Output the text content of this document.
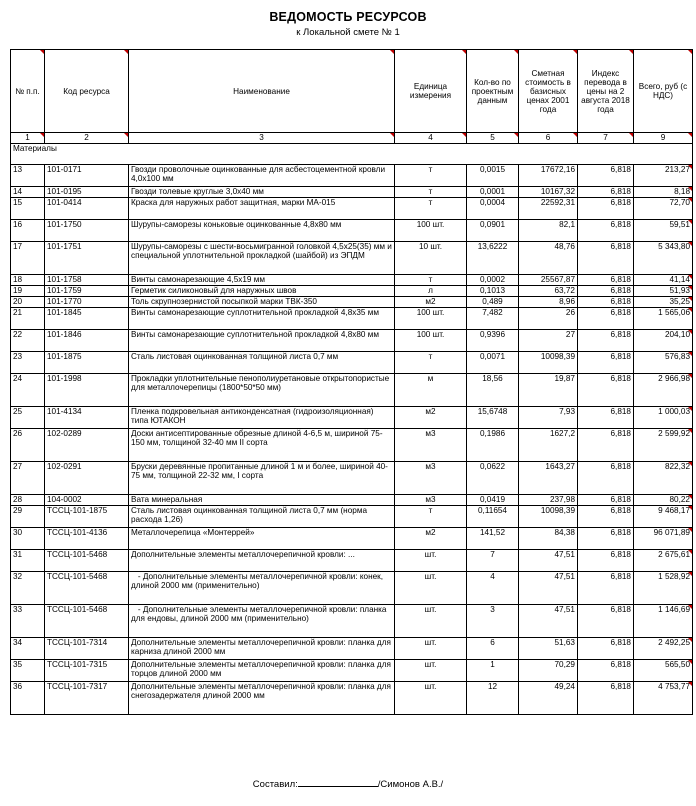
ВЕДОМОСТЬ РЕСУРСОВ
к Локальной смете № 1
№ п.п.	Код ресурса	Наименование	Единица измерения	Кол-во по проектным данным	Сметная стоимость в базисных ценах 2001 года	Индекс перевода в цены на 2 августа 2018 года	Всего, руб (с НДС)
1	2	3	4	5	6	7	9
Материалы							
13	101-0171	Гвозди проволочные оцинкованные для асбестоцементной кровли 4,0х100 мм	т	0,0015	17672,16	6,818	213,27
14	101-0195	Гвозди толевые круглые 3,0х40 мм	т	0,0001	10167,32	6,818	8,18
15	101-0414	Краска для наружных работ защитная, марки МА-015	т	0,0004	22592,31	6,818	72,70
16	101-1750	Шурупы-саморезы коньковые оцинкованные 4,8х80 мм	100 шт.	0,0901	82,1	6,818	59,51
17	101-1751	Шурупы-саморезы с шести-восьмигранной головкой 4,5х25(35) мм и специальной уплотнительной прокладкой (шайбой) из ЭПДМ	10 шт.	13,6222	48,76	6,818	5 343,80
18	101-1758	Винты самонарезающие 4,5х19 мм	т	0,0002	25567,87	6,818	41,14
19	101-1759	Герметик силиконовый для наружных швов	л	0,1013	63,72	6,818	51,93
20	101-1770	Толь скрупнозернистой посыпкой марки ТВК-350	м2	0,489	8,96	6,818	35,25
21	101-1845	Винты самонарезающие суплотнительной прокладкой 4,8х35 мм	100 шт.	7,482	26	6,818	1 565,06
22	101-1846	Винты самонарезающие суплотнительной прокладкой 4,8х80 мм	100 шт.	0,9396	27	6,818	204,10
23	101-1875	Сталь листовая оцинкованная толщиной листа 0,7 мм	т	0,0071	10098,39	6,818	576,83
24	101-1998	Прокладки уплотнительные пенополиуретановые открытопористые для металлочерепицы (1800*50*50 мм)	м	18,56	19,87	6,818	2 966,98
25	101-4134	Пленка подкровельная антиконденсатная (гидроизоляционная) типа ЮТАКОН	м2	15,6748	7,93	6,818	1 000,03
26	102-0289	Доски антисептированные обрезные длиной 4-6,5 м, шириной 75-150 мм, толщиной 32-40 мм II сорта	м3	0,1986	1627,2	6,818	2 599,92
27	102-0291	Бруски деревянные пропитанные длиной 1 м и более, шириной 40-75 мм, толщиной 22-32 мм, I сорта	м3	0,0622	1643,27	6,818	822,32
28	104-0002	Вата минеральная	м3	0,0419	237,98	6,818	80,22
29	ТССЦ-101-1875	Сталь листовая оцинкованная толщиной листа 0,7 мм (норма расхода 1,26)	т	0,11654	10098,39	6,818	9 468,17
30	ТССЦ-101-4136	Металлочерепица «Монтеррей»	м2	141,52	84,38	6,818	96 071,89
31	ТССЦ-101-5468	Дополнительные элементы металлочерепичной кровли: ...	шт.	7	47,51	6,818	2 675,61
32	ТССЦ-101-5468	- Дополнительные элементы металлочерепичной кровли: конек, длиной 2000 мм (применительно)	шт.	4	47,51	6,818	1 528,92
33	ТССЦ-101-5468	- Дополнительные элементы металлочерепичной кровли: планка для ендовы, длиной 2000 мм (применительно)	шт.	3	47,51	6,818	1 146,69
34	ТССЦ-101-7314	Дополнительные элементы металлочерепичной кровли: планка для карниза длиной 2000 мм	шт.	6	51,63	6,818	2 492,25
35	ТССЦ-101-7315	Дополнительные элементы металлочерепичной кровли: планка для торцов длиной 2000 мм	шт.	1	70,29	6,818	565,50
36	ТССЦ-101-7317	Дополнительные элементы металлочерепичной кровли: планка для снегозадержателя длиной 2000 мм	шт.	12	49,24	6,818	4 753,77
Составил:	/Симонов А.В./
